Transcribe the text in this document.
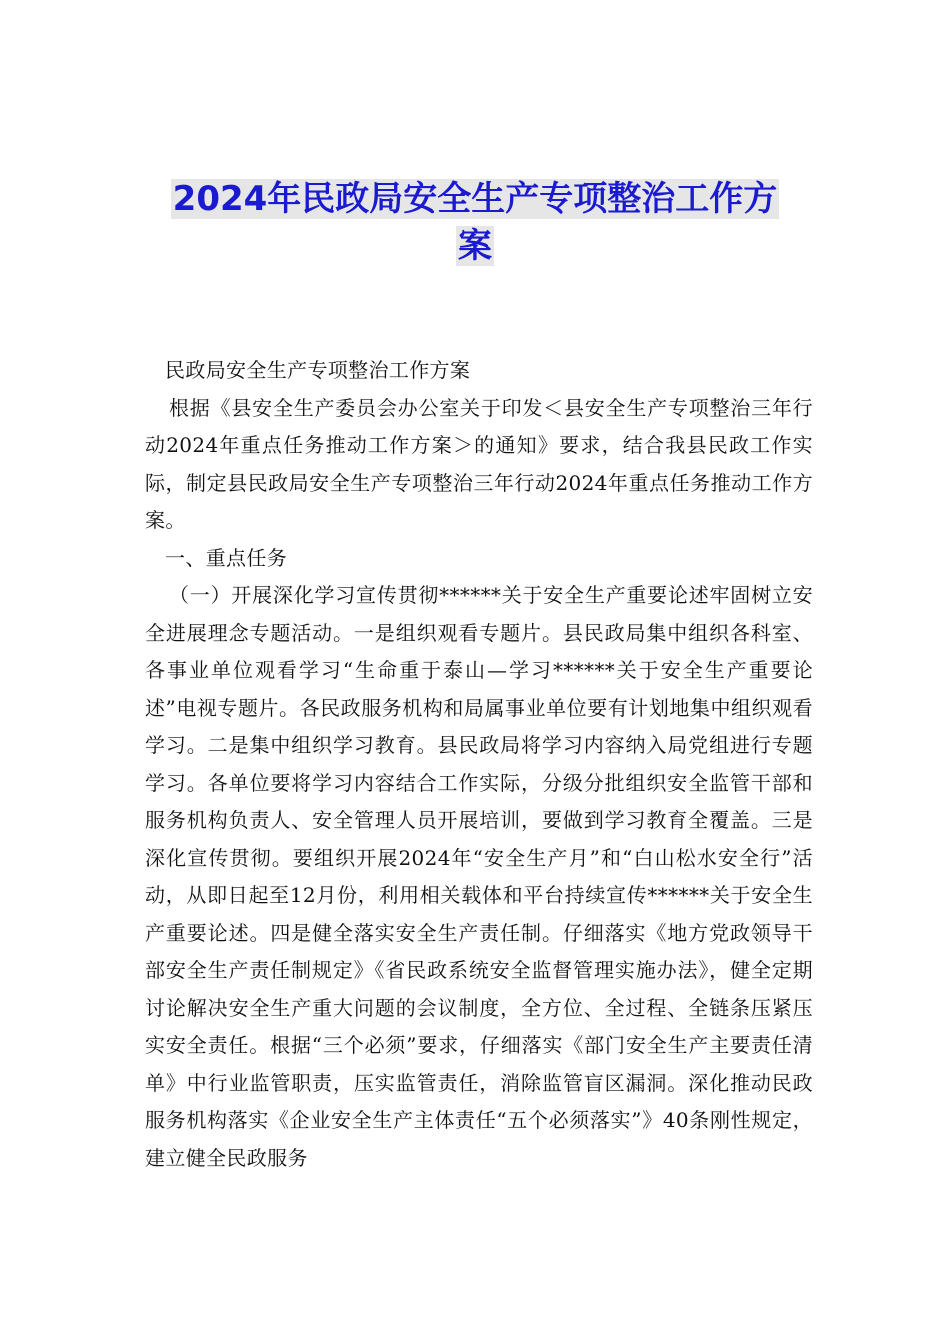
2024年民政局安全生产专项整治工作方
案

民政局安全生产专项整治工作方案

根据《县安全生产委员会办公室关于印发＜县安全生产专项整治三年行动2024年重点任务推动工作方案＞的通知》要求，结合我县民政工作实际，制定县民政局安全生产专项整治三年行动2024年重点任务推动工作方案。

一、重点任务

（一）开展深化学习宣传贯彻******关于安全生产重要论述牢固树立安全进展理念专题活动。一是组织观看专题片。县民政局集中组织各科室、各事业单位观看学习“生命重于泰山—学习******关于安全生产重要论述”电视专题片。各民政服务机构和局属事业单位要有计划地集中组织观看学习。二是集中组织学习教育。县民政局将学习内容纳入局党组进行专题学习。各单位要将学习内容结合工作实际，分级分批组织安全监管干部和服务机构负责人、安全管理人员开展培训，要做到学习教育全覆盖。三是深化宣传贯彻。要组织开展2024年“安全生产月”和“白山松水安全行”活动，从即日起至12月份，利用相关载体和平台持续宣传******关于安全生产重要论述。四是健全落实安全生产责任制。仔细落实《地方党政领导干部安全生产责任制规定》《省民政系统安全监督管理实施办法》，健全定期讨论解决安全生产重大问题的会议制度，全方位、全过程、全链条压紧压实安全责任。根据“三个必须”要求，仔细落实《部门安全生产主要责任清单》中行业监管职责，压实监管责任，消除监管盲区漏洞。深化推动民政服务机构落实《企业安全生产主体责任“五个必须落实”》40条刚性规定，建立健全民政服务
